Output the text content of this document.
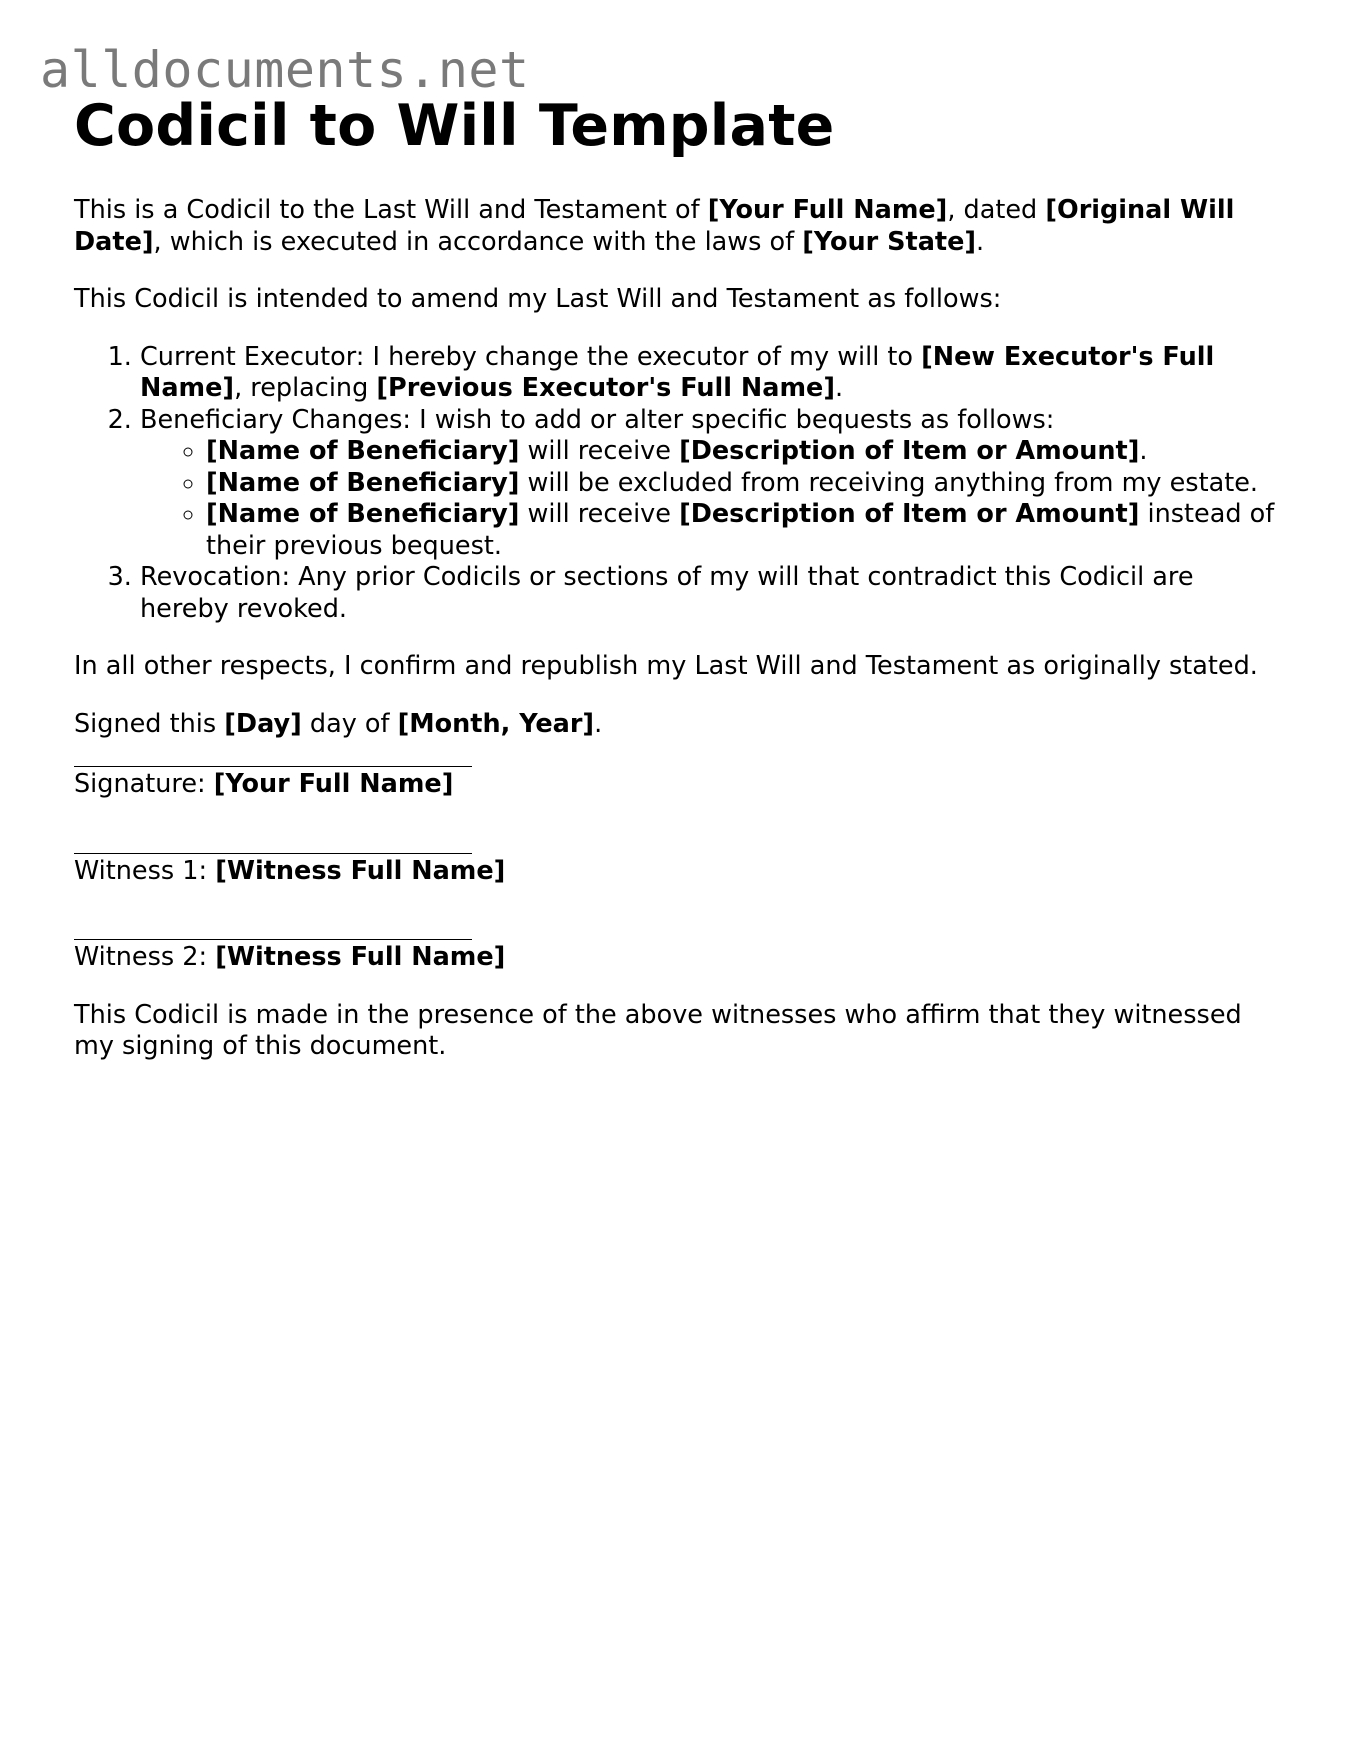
alldocuments.net
Codicil to Will Template

This is a Codicil to the Last Will and Testament of [Your Full Name], dated [Original Will Date], which is executed in accordance with the laws of [Your State].

This Codicil is intended to amend my Last Will and Testament as follows:

1. Current Executor: I hereby change the executor of my will to [New Executor's Full Name], replacing [Previous Executor's Full Name].
2. Beneficiary Changes: I wish to add or alter specific bequests as follows:
◦ [Name of Beneficiary] will receive [Description of Item or Amount].
◦ [Name of Beneficiary] will be excluded from receiving anything from my estate.
◦ [Name of Beneficiary] will receive [Description of Item or Amount] instead of their previous bequest.
3. Revocation: Any prior Codicils or sections of my will that contradict this Codicil are hereby revoked.

In all other respects, I confirm and republish my Last Will and Testament as originally stated.

Signed this [Day] day of [Month, Year].

Signature: [Your Full Name]
Witness 1: [Witness Full Name]
Witness 2: [Witness Full Name]

This Codicil is made in the presence of the above witnesses who affirm that they witnessed my signing of this document.
